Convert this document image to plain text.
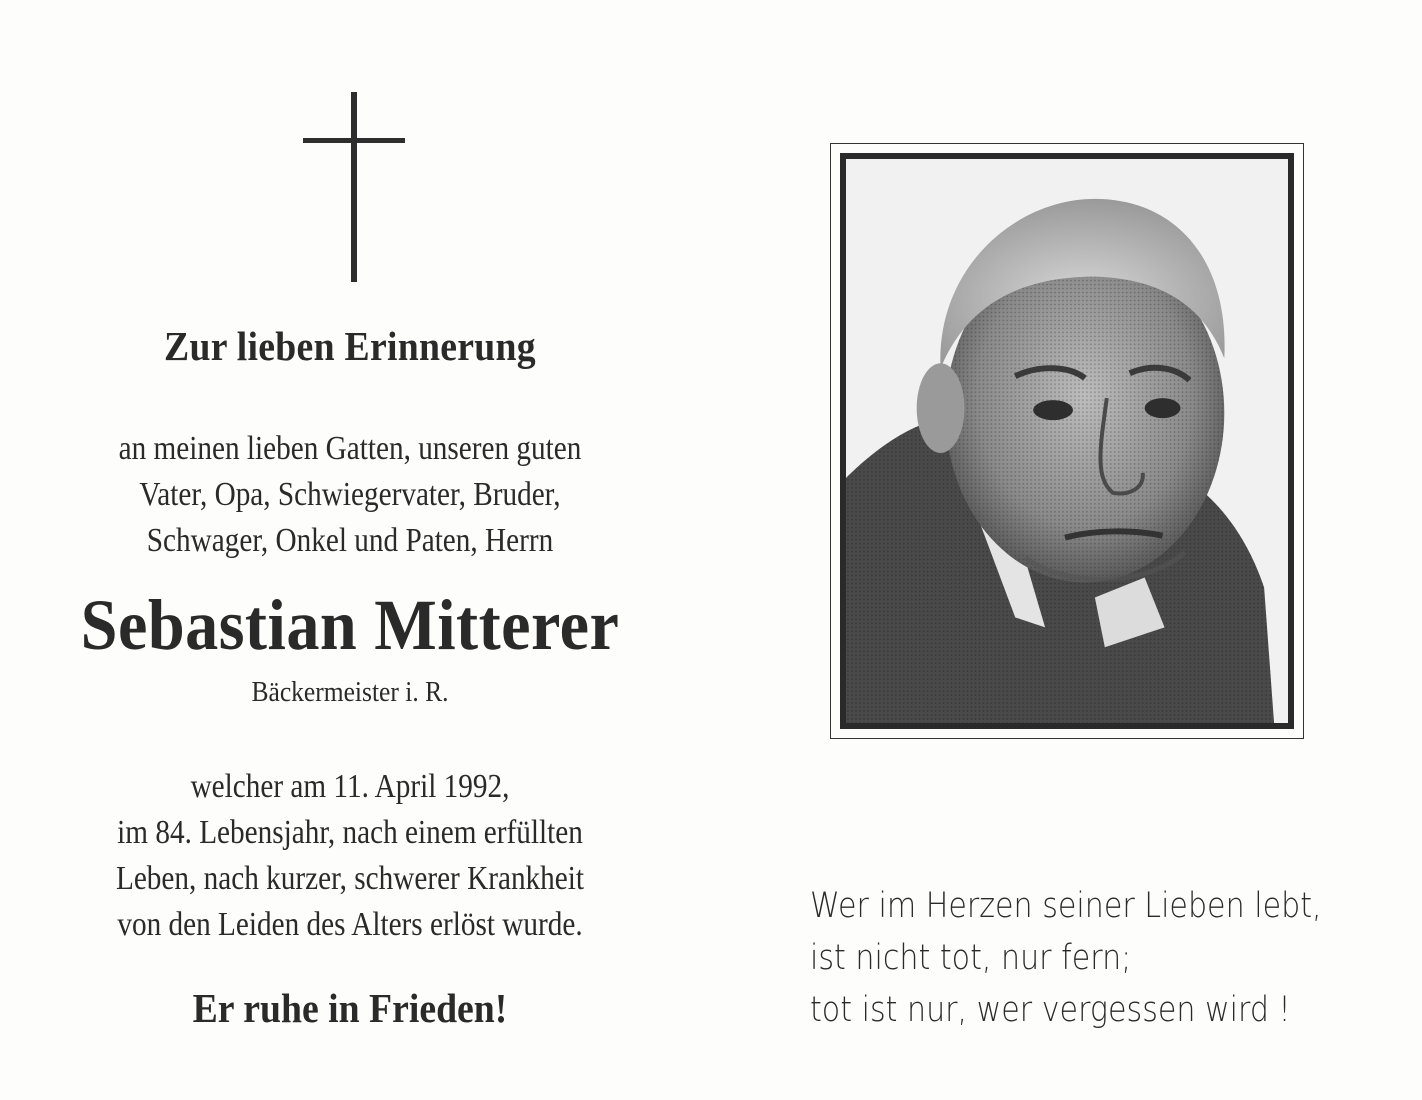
Zur lieben Erinnerung
an meinen lieben Gatten, unseren guten
Vater, Opa, Schwiegervater, Bruder,
Schwager, Onkel und Paten, Herrn
Sebastian Mitterer
Bäckermeister i. R.
welcher am 11. April 1992,
im 84. Lebensjahr, nach einem erfüllten
Leben, nach kurzer, schwerer Krankheit
von den Leiden des Alters erlöst wurde.
Er ruhe in Frieden!
Wer im Herzen seiner Lieben lebt,
ist nicht tot, nur fern;
tot ist nur, wer vergessen wird !
